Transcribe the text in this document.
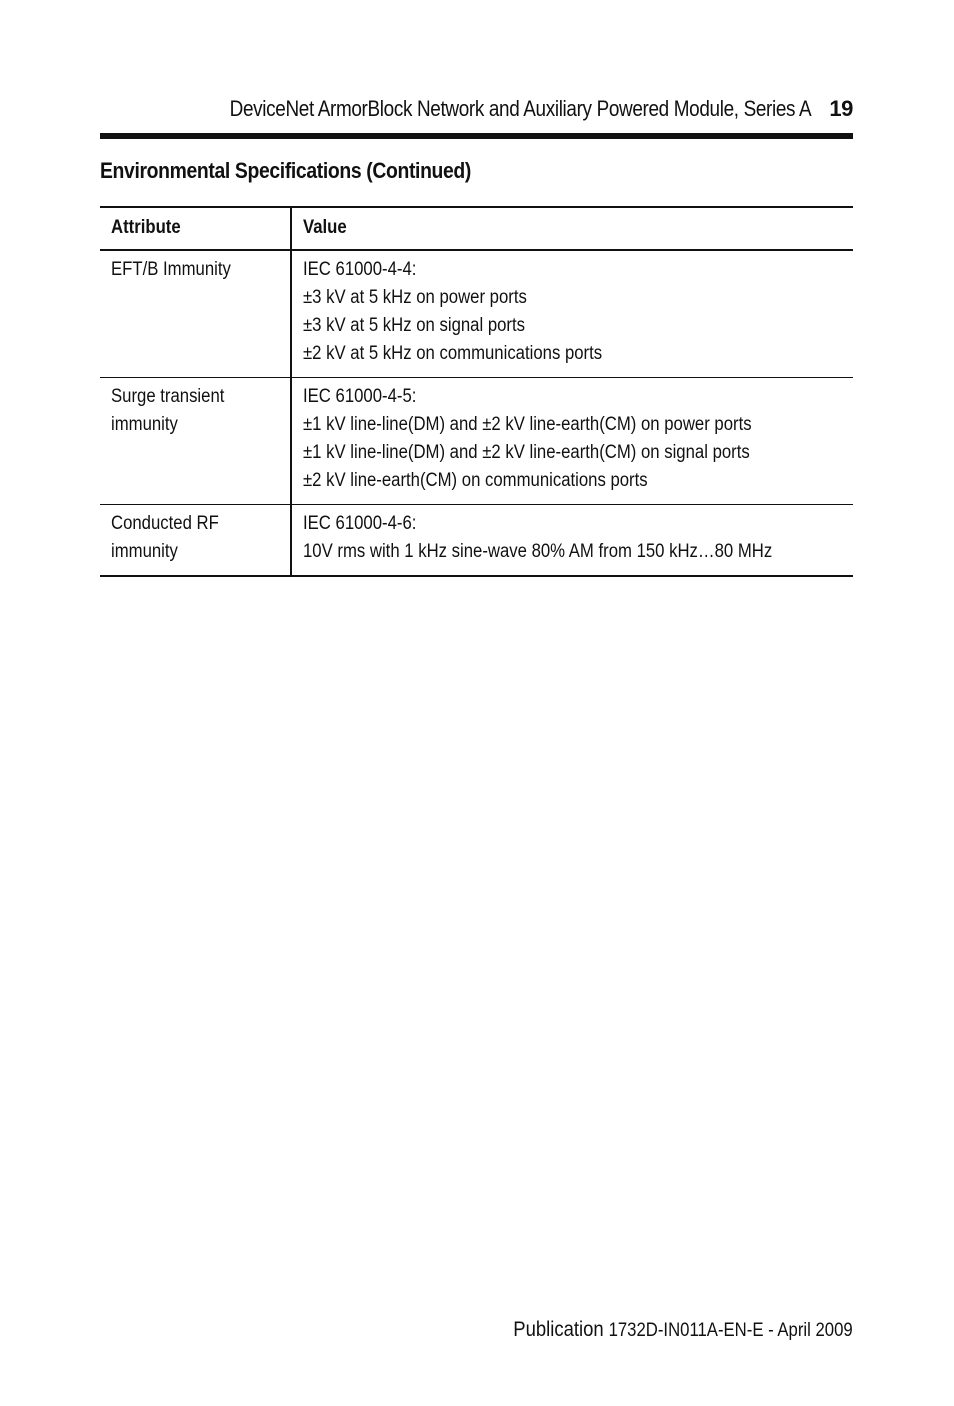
DeviceNet ArmorBlock Network and Auxiliary Powered Module, Series A 19
Environmental Specifications (Continued)
Attribute	Value

EFT/B Immunity	IEC 61000-4-4:
±3 kV at 5 kHz on power ports
±3 kV at 5 kHz on signal ports
±2 kV at 5 kHz on communications ports

Surge transient
immunity	IEC 61000-4-5:
±1 kV line-line(DM) and ±2 kV line-earth(CM) on power ports
±1 kV line-line(DM) and ±2 kV line-earth(CM) on signal ports
±2 kV line-earth(CM) on communications ports

Conducted RF
immunity	IEC 61000-4-6:
10V rms with 1 kHz sine-wave 80% AM from 150 kHz…80 MHz
Publication 1732D-IN011A-EN-E - April 2009
